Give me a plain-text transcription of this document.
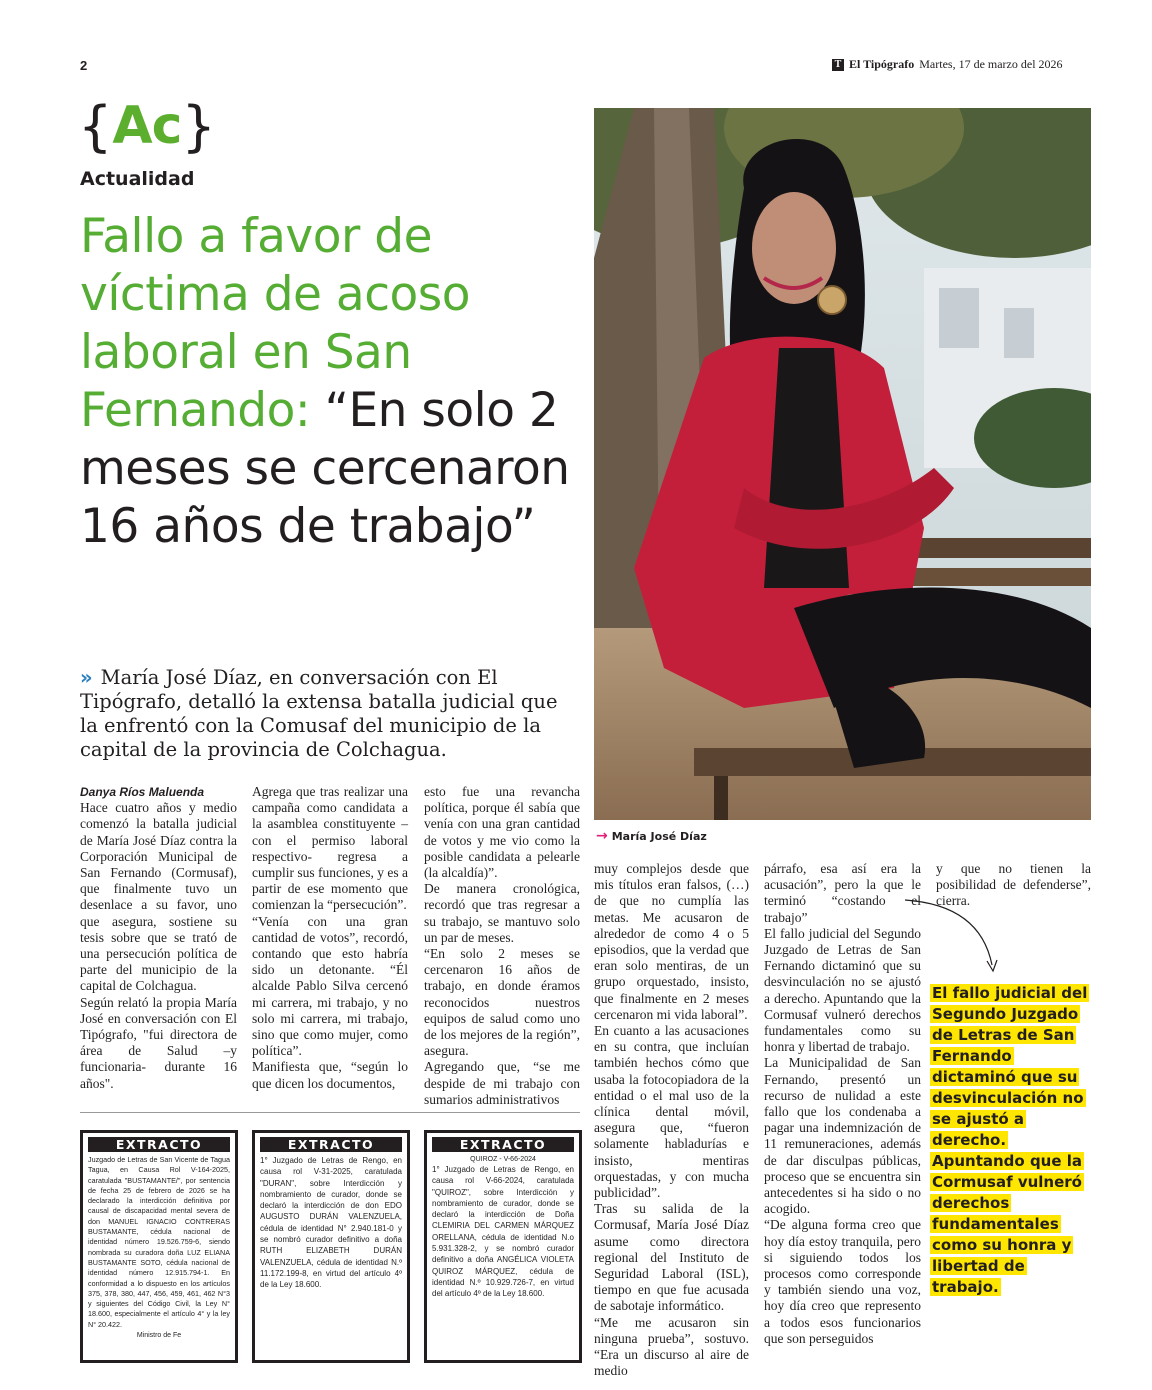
2	T El Tipógrafo Martes, 17 de marzo del 2026
{Ac}
Actualidad
Fallo a favor de víctima de acoso laboral en San Fernando: “En solo 2 meses se cercenaron 16 años de trabajo”

» María José Díaz, en conversación con El Tipógrafo, detalló la extensa batalla judicial que la enfrentó con la Comusaf del municipio de la capital de la provincia de Colchagua.

→ María José Díaz

Danya Ríos Maluenda

Hace cuatro años y medio comenzó la batalla judicial de María José Díaz contra la Corporación Municipal de San Fernando (Cormusaf), que finalmente tuvo un desenlace a su favor, uno que asegura, sostiene su tesis sobre que se trató de una persecución política de parte del municipio de la capital de Colchagua.

Según relató la propia María José en conversación con El Tipógrafo, "fui directora de área de Salud –y funcionaria- durante 16 años".

Agrega que tras realizar una campaña como candidata a la asamblea constituyente –con el permiso laboral respectivo- regresa a cumplir sus funciones, y es a partir de ese momento que comienzan la “persecución”.

“Venía con una gran cantidad de votos”, recordó, contando que esto habría sido un detonante. “Él alcalde Pablo Silva cercenó mi carrera, mi trabajo, y no solo mi carrera, mi trabajo, sino que como mujer, como política”.

Manifiesta que, “según lo que dicen los documentos,

esto fue una revancha política, porque él sabía que venía con una gran cantidad de votos y me vio como la posible candidata a pelearle (la alcaldía)”.

De manera cronológica, recordó que tras regresar a su trabajo, se mantuvo solo un par de meses.

“En solo 2 meses se cercenaron 16 años de trabajo, en donde éramos reconocidos nuestros equipos de salud como uno de los mejores de la región”, asegura.

Agregando que, “se me despide de mi trabajo con sumarios administrativos

muy complejos desde que mis títulos eran falsos, (…) de que no cumplía las metas. Me acusaron de alrededor de como 4 o 5 episodios, que la verdad que eran solo mentiras, de un grupo orquestado, insisto, que finalmente en 2 meses cercenaron mi vida laboral”.

En cuanto a las acusaciones en su contra, que incluían también hechos cómo que usaba la fotocopiadora de la entidad o el mal uso de la clínica dental móvil, asegura que, “fueron solamente habladurías e insisto, mentiras orquestadas, y con mucha publicidad”.

Tras su salida de la Cormusaf, María José Díaz asume como directora regional del Instituto de Seguridad Laboral (ISL), tiempo en que fue acusada de sabotaje informático.

“Me me acusaron sin ninguna prueba”, sostuvo. “Era un discurso al aire de medio

párrafo, esa así era la acusación”, pero la que le terminó “costando el trabajo”

El fallo judicial del Segundo Juzgado de Letras de San Fernando dictaminó que su desvinculación no se ajustó a derecho. Apuntando que la Cormusaf vulneró derechos fundamentales como su honra y libertad de trabajo.

La Municipalidad de San Fernando, presentó un recurso de nulidad a este fallo que los condenaba a pagar una indemnización de 11 remuneraciones, además de dar disculpas públicas, proceso que se encuentra sin antecedentes si ha sido o no acogido.

“De alguna forma creo que hoy día estoy tranquila, pero si siguiendo todos los procesos como corresponde y también siendo una voz, hoy día creo que represento a todos esos funcionarios que son perseguidos

y que no tienen la posibilidad de defenderse”, cierra.

El fallo judicial del Segundo Juzgado de Letras de San Fernando dictaminó que su desvinculación no se ajustó a derecho. Apuntando que la Cormusaf vulneró derechos fundamentales como su honra y libertad de trabajo.
EXTRACTO
Juzgado de Letras de San Vicente de Tagua Tagua, en Causa Rol V-164-2025, caratulada "BUSTAMANTE/", por sentencia de fecha 25 de febrero de 2026 se ha declarado la interdicción definitiva por causal de discapacidad mental severa de don MANUEL IGNACIO CONTRERAS BUSTAMANTE, cédula nacional de identidad número 19.526.759-6, siendo nombrada su curadora doña LUZ ELIANA BUSTAMANTE SOTO, cédula nacional de identidad número 12.915.794-1. En conformidad a lo dispuesto en los artículos 375, 378, 380, 447, 456, 459, 461, 462 N°3 y siguientes del Código Civil, la Ley N° 18.600, especialmente el artículo 4° y la ley N° 20.422.
Ministro de Fe
EXTRACTO
1° Juzgado de Letras de Rengo, en causa rol V-31-2025, caratulada "DURAN", sobre Interdicción y nombramiento de curador, donde se declaró la interdicción de don EDO AUGUSTO DURÁN VALENZUELA, cédula de identidad N° 2.940.181-0 y se nombró curador definitivo a doña RUTH ELIZABETH DURÁN VALENZUELA, cédula de identidad N.º 11.172.199-8, en virtud del artículo 4º de la Ley 18.600.
EXTRACTO
QUIROZ - V-66-2024
1° Juzgado de Letras de Rengo, en causa rol V-66-2024, caratulada "QUIROZ", sobre Interdicción y nombramiento de curador, donde se declaró la interdicción de Doña CLEMIRIA DEL CARMEN MÁRQUEZ ORELLANA, cédula de identidad N.o 5.931.328-2, y se nombró curador definitivo a doña ANGÉLICA VIOLETA QUIROZ MÁRQUEZ, cédula de identidad N.º 10.929.726-7, en virtud del artículo 4º de la Ley 18.600.
